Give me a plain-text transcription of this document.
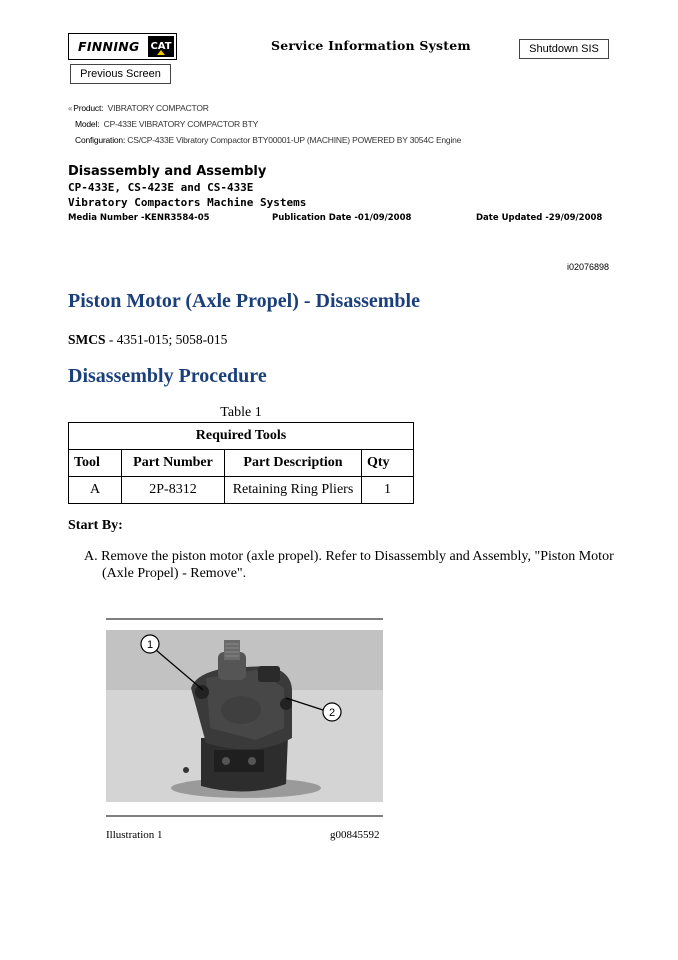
FINNING CAT	Service Information System	Shutdown SIS
Previous Screen
«Product: VIBRATORY COMPACTOR
Model: CP-433E VIBRATORY COMPACTOR BTY
Configuration: CS/CP-433E Vibratory Compactor BTY00001-UP (MACHINE) POWERED BY 3054C Engine
Disassembly and Assembly
CP-433E, CS-423E and CS-433E
Vibratory Compactors Machine Systems
Media Number -KENR3584-05	Publication Date -01/09/2008	Date Updated -29/09/2008
i02076898
Piston Motor (Axle Propel) - Disassemble
SMCS - 4351-015; 5058-015
Disassembly Procedure
Table 1
Required Tools			
Tool	Part Number	Part Description	Qty
A	2P-8312	Retaining Ring Pliers	1
Start By:
A. Remove the piston motor (axle propel). Refer to Disassembly and Assembly, "Piston Motor (Axle Propel) - Remove".
1
2
Illustration 1	g00845592
